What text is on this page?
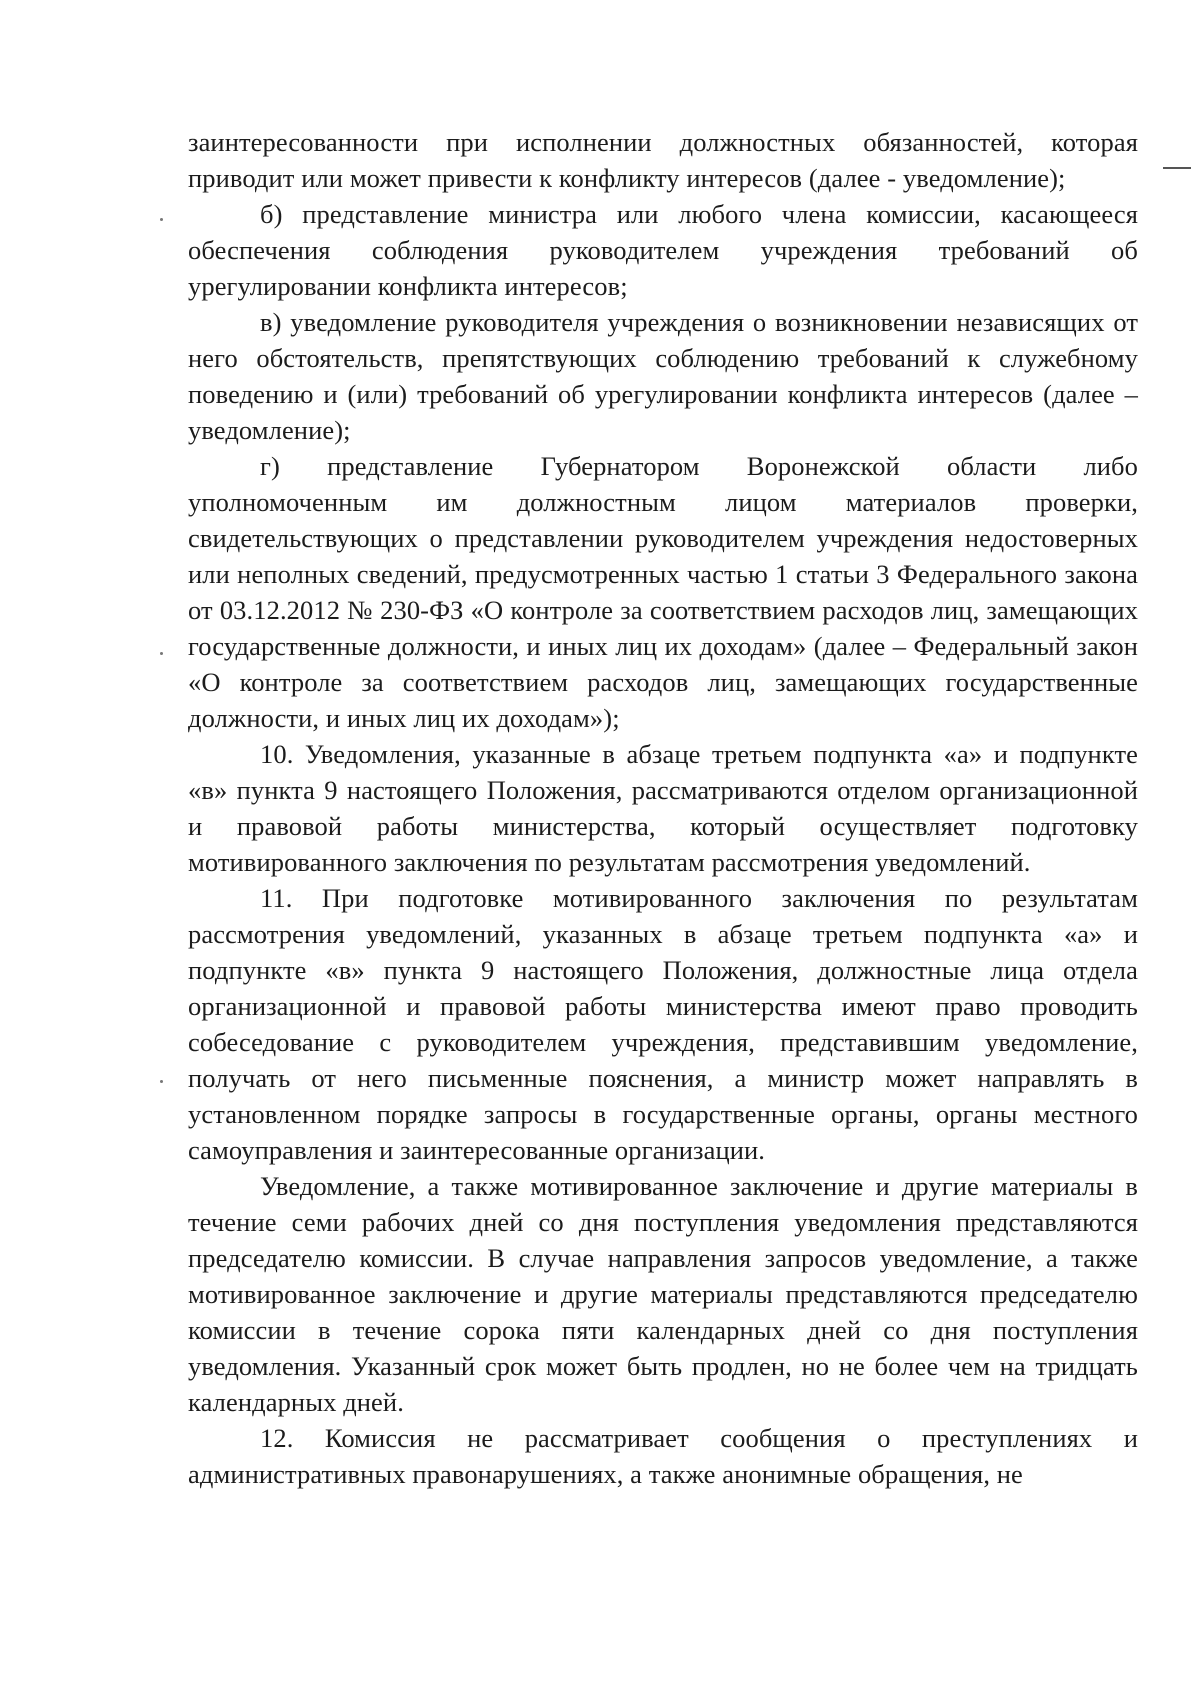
заинтересованности при исполнении должностных обязанностей, которая приводит или может привести к конфликту интересов (далее - уведомление);

б) представление министра или любого члена комиссии, касающееся обеспечения соблюдения руководителем учреждения требований об урегулировании конфликта интересов;

в) уведомление руководителя учреждения о возникновении независящих от него обстоятельств, препятствующих соблюдению требований к служебному поведению и (или) требований об урегулировании конфликта интересов (далее – уведомление);

г) представление Губернатором Воронежской области либо уполномоченным им должностным лицом материалов проверки, свидетельствующих о представлении руководителем учреждения недостоверных или неполных сведений, предусмотренных частью 1 статьи 3 Федерального закона от 03.12.2012 № 230-ФЗ «О контроле за соответствием расходов лиц, замещающих государственные должности, и иных лиц их доходам» (далее – Федеральный закон «О контроле за соответствием расходов лиц, замещающих государственные должности, и иных лиц их доходам»);

10. Уведомления, указанные в абзаце третьем подпункта «а» и подпункте «в» пункта 9 настоящего Положения, рассматриваются отделом организационной и правовой работы министерства, который осуществляет подготовку мотивированного заключения по результатам рассмотрения уведомлений.

11. При подготовке мотивированного заключения по результатам рассмотрения уведомлений, указанных в абзаце третьем подпункта «а» и подпункте «в» пункта 9 настоящего Положения, должностные лица отдела организационной и правовой работы министерства имеют право проводить собеседование с руководителем учреждения, представившим уведомление, получать от него письменные пояснения, а министр может направлять в установленном порядке запросы в государственные органы, органы местного самоуправления и заинтересованные организации.

Уведомление, а также мотивированное заключение и другие материалы в течение семи рабочих дней со дня поступления уведомления представляются председателю комиссии. В случае направления запросов уведомление, а также мотивированное заключение и другие материалы представляются председателю комиссии в течение сорока пяти календарных дней со дня поступления уведомления. Указанный срок может быть продлен, но не более чем на тридцать календарных дней.

12. Комиссия не рассматривает сообщения о преступлениях и административных правонарушениях, а также анонимные обращения, не
